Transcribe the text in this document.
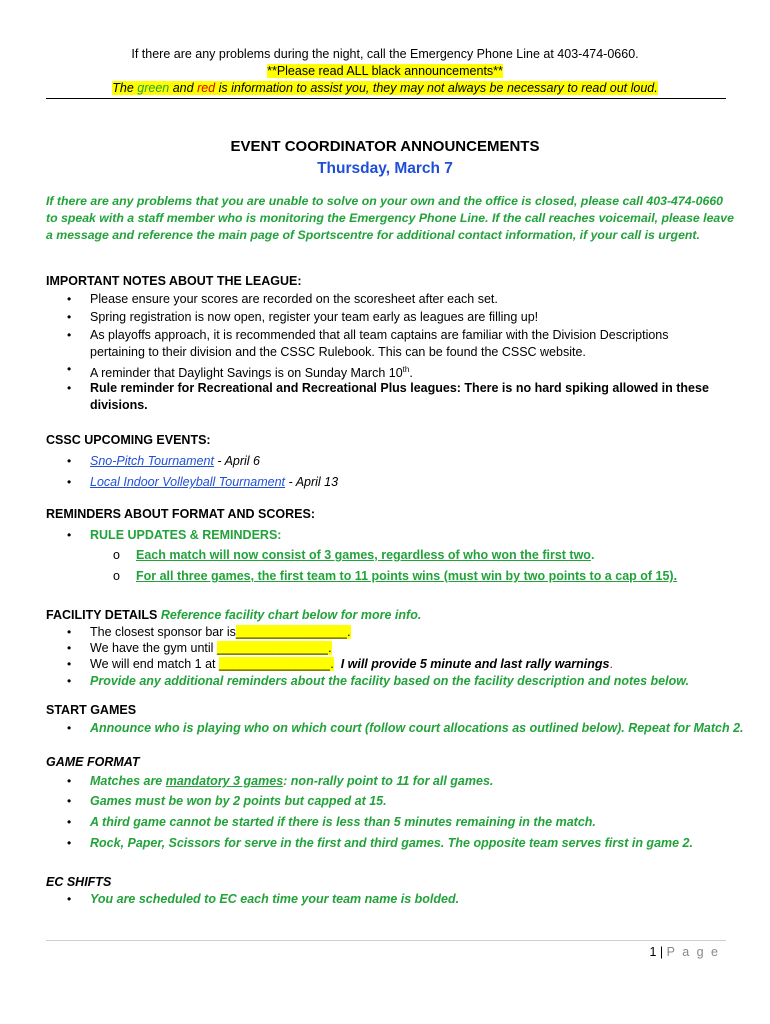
If there are any problems during the night, call the Emergency Phone Line at 403-474-0660.
**Please read ALL black announcements**
The green and red is information to assist you, they may not always be necessary to read out loud.
EVENT COORDINATOR ANNOUNCEMENTS
Thursday, March 7
If there are any problems that you are unable to solve on your own and the office is closed, please call 403-474-0660
to speak with a staff member who is monitoring the Emergency Phone Line. If the call reaches voicemail, please leave
a message and reference the main page of Sportscentre for additional contact information, if your call is urgent.
IMPORTANT NOTES ABOUT THE LEAGUE:
• Please ensure your scores are recorded on the scoresheet after each set.
• Spring registration is now open, register your team early as leagues are filling up!
• As playoffs approach, it is recommended that all team captains are familiar with the Division Descriptions
pertaining to their division and the CSSC Rulebook. This can be found the CSSC website.
• A reminder that Daylight Savings is on Sunday March 10th.
• Rule reminder for Recreational and Recreational Plus leagues: There is no hard spiking allowed in these
divisions.
CSSC UPCOMING EVENTS:
• Sno-Pitch Tournament - April 6
• Local Indoor Volleyball Tournament - April 13
REMINDERS ABOUT FORMAT AND SCORES:
• RULE UPDATES & REMINDERS:
o Each match will now consist of 3 games, regardless of who won the first two.
o For all three games, the first team to 11 points wins (must win by two points to a cap of 15).
FACILITY DETAILS Reference facility chart below for more info.
• The closest sponsor bar is________________.
• We have the gym until ________________.
• We will end match 1 at ________________. I will provide 5 minute and last rally warnings.
• Provide any additional reminders about the facility based on the facility description and notes below.
START GAMES
• Announce who is playing who on which court (follow court allocations as outlined below). Repeat for Match 2.
GAME FORMAT
• Matches are mandatory 3 games: non-rally point to 11 for all games.
• Games must be won by 2 points but capped at 15.
• A third game cannot be started if there is less than 5 minutes remaining in the match.
• Rock, Paper, Scissors for serve in the first and third games. The opposite team serves first in game 2.
EC SHIFTS
• You are scheduled to EC each time your team name is bolded.
1 | P a g e
